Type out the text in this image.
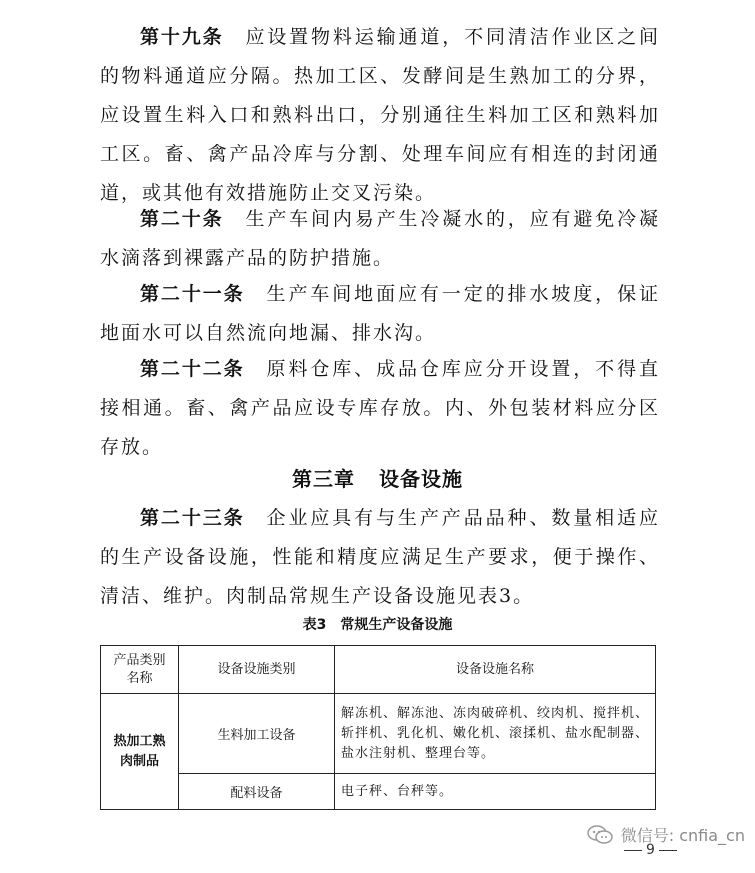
第十九条 应设置物料运输通道，不同清洁作业区之间的物料通道应分隔。热加工区、发酵间是生熟加工的分界，应设置生料入口和熟料出口，分别通往生料加工区和熟料加工区。畜、禽产品冷库与分割、处理车间应有相连的封闭通道，或其他有效措施防止交叉污染。

第二十条 生产车间内易产生冷凝水的，应有避免冷凝水滴落到裸露产品的防护措施。

第二十一条 生产车间地面应有一定的排水坡度，保证地面水可以自然流向地漏、排水沟。

第二十二条 原料仓库、成品仓库应分开设置，不得直接相通。畜、禽产品应设专库存放。内、外包装材料应分区存放。

第三章 设备设施

第二十三条 企业应具有与生产产品品种、数量相适应的生产设备设施，性能和精度应满足生产要求，便于操作、清洁、维护。肉制品常规生产设备设施见表3。

表3 常规生产设备设施
产品类别名称	设备设施类别	设备设施名称

热加工熟肉制品	生料加工设备	解冻机、解冻池、冻肉破碎机、绞肉机、搅拌机、斩拌机、乳化机、嫩化机、滚揉机、盐水配制器、盐水注射机、整理台等。
	配料设备	电子秤、台秤等。
微信号: cnfia_cn
9
